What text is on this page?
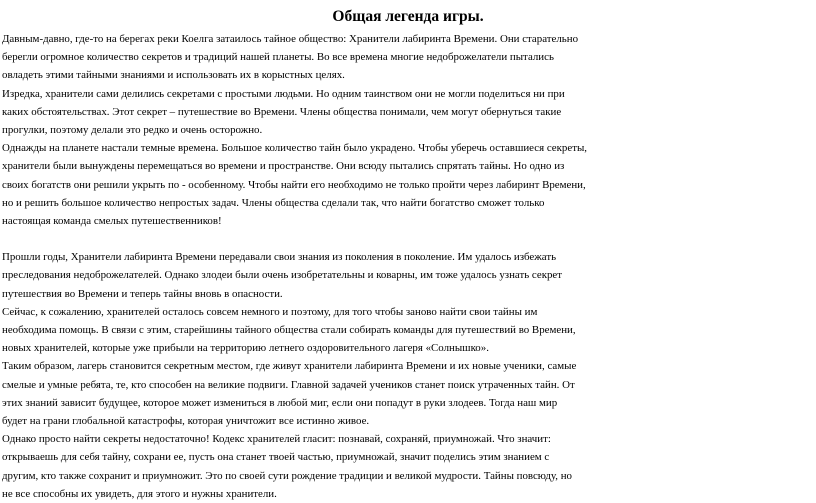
Общая легенда игры.
Давным-давно, где-то на берегах реки Коелга затаилось тайное общество: Хранители лабиринта Времени. Они старательно
берегли огромное количество секретов и традиций нашей планеты. Во все времена многие недоброжелатели пытались
овладеть этими тайными знаниями и использовать их в корыстных целях.
Изредка, хранители сами делились секретами с простыми людьми. Но одним таинством они не могли поделиться ни при
каких обстоятельствах. Этот секрет – путешествие во Времени. Члены общества понимали, чем могут обернуться такие
прогулки, поэтому делали это редко и очень осторожно.
Однажды на планете настали темные времена. Большое количество тайн было украдено. Чтобы уберечь оставшиеся секреты,
хранители были вынуждены перемещаться во времени и пространстве. Они всюду пытались спрятать тайны. Но одно из
своих богатств они решили укрыть по - особенному. Чтобы найти его необходимо не только пройти через лабиринт Времени,
но и решить большое количество непростых задач. Члены общества сделали так, что найти богатство сможет только
настоящая команда смелых путешественников!
Прошли годы, Хранители лабиринта Времени передавали свои знания из поколения в поколение. Им удалось избежать
преследования недоброжелателей. Однако злодеи были очень изобретательны и коварны, им тоже удалось узнать секрет
путешествия во Времени и теперь тайны вновь в опасности.
Сейчас, к сожалению, хранителей осталось совсем немного и поэтому, для того чтобы заново найти свои тайны им
необходима помощь. В связи с этим, старейшины тайного общества стали собирать команды для путешествий во Времени,
новых хранителей, которые уже прибыли на территорию летнего оздоровительного лагеря «Солнышко».
Таким образом, лагерь становится секретным местом, где живут хранители лабиринта Времени и их новые ученики, самые
смелые и умные ребята, те, кто способен на великие подвиги. Главной задачей учеников станет поиск утраченных тайн. От
этих знаний зависит будущее, которое может измениться в любой миг, если они попадут в руки злодеев. Тогда наш мир
будет на грани глобальной катастрофы, которая уничтожит все истинно живое.
Однако просто найти секреты недостаточно! Кодекс хранителей гласит: познавай, сохраняй, приумножай. Что значит:
открываешь для себя тайну, сохрани ее, пусть она станет твоей частью, приумножай, значит поделись этим знанием с
другим, кто также сохранит и приумножит. Это по своей сути рождение традиции и великой мудрости. Тайны повсюду, но
не все способны их увидеть, для этого и нужны хранители.
